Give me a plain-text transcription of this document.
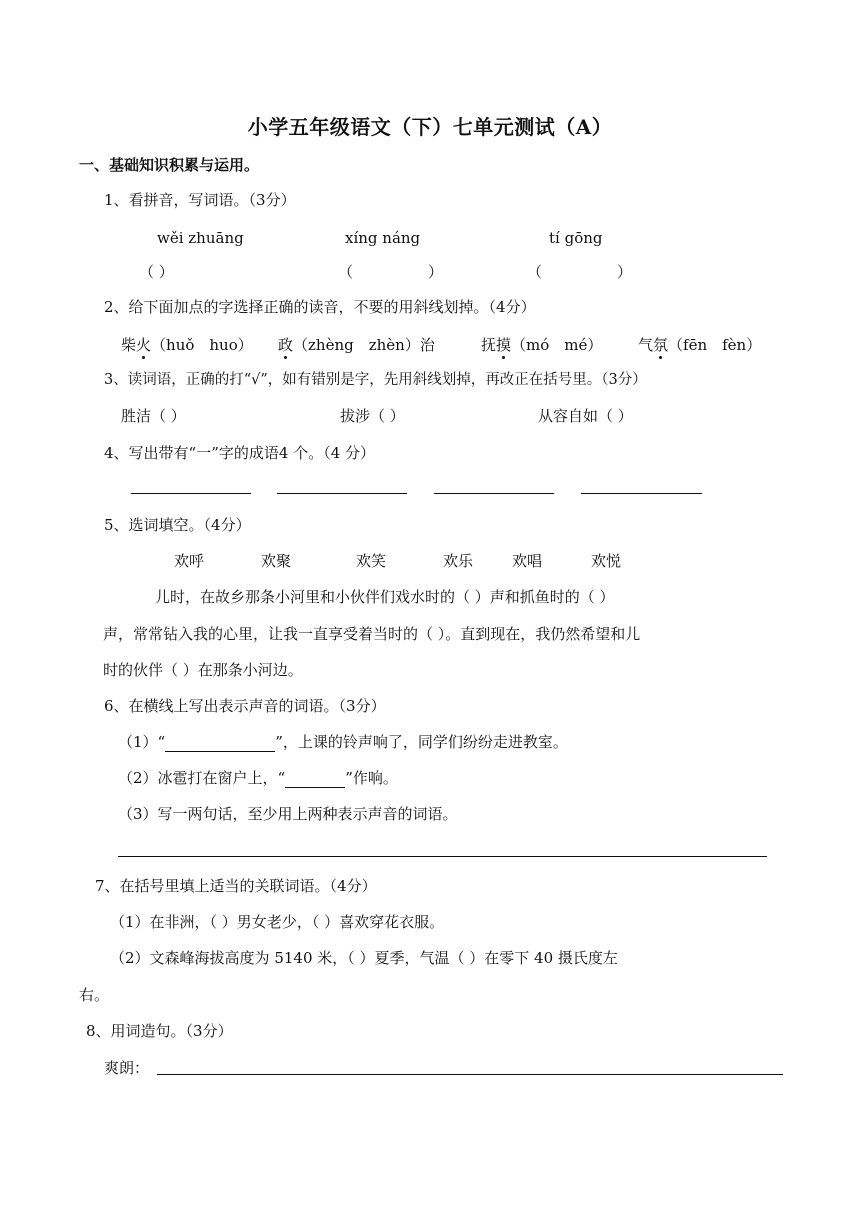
小学五年级语文（下）七单元测试（A）
一、基础知识积累与运用。
1、看拼音，写词语。（3分）
wěi zhuāng	xíng náng	tí gōng
（ ）	（     ）	（     ）
2、给下面加点的字选择正确的读音，不要的用斜线划掉。（4分）
柴火（huǒ　huo） 政（zhèng　zhèn）治	抚摸（mó　mé） 气氛（fēn　fèn）
3、读词语，正确的打“√”，如有错别是字，先用斜线划掉，再改正在括号里。（3分）
胜洁（ ）	拔涉（ ）	从容自如（ ）
4、写出带有“一”字的成语4 个。（4 分）
5、选词填空。（4分）
欢呼	欢聚	欢笑	欢乐	欢唱	欢悦
儿时，在故乡那条小河里和小伙伴们戏水时的（ ）声和抓鱼时的（ ）
声，常常钻入我的心里，让我一直享受着当时的（ ）。直到现在，我仍然希望和儿
时的伙伴（ ）在那条小河边。
6、在横线上写出表示声音的词语。（3分）
（1）“	”，上课的铃声响了，同学们纷纷走进教室。
（2）冰雹打在窗户上，“	”作响。
（3）写一两句话，至少用上两种表示声音的词语。
7、在括号里填上适当的关联词语。（4分）
（1）在非洲，（ ）男女老少，（ ）喜欢穿花衣服。
（2）文森峰海拔高度为 5140 米，（ ）夏季，气温（ ）在零下 40 摄氏度左
右。
8、用词造句。（3分）
爽朗：
